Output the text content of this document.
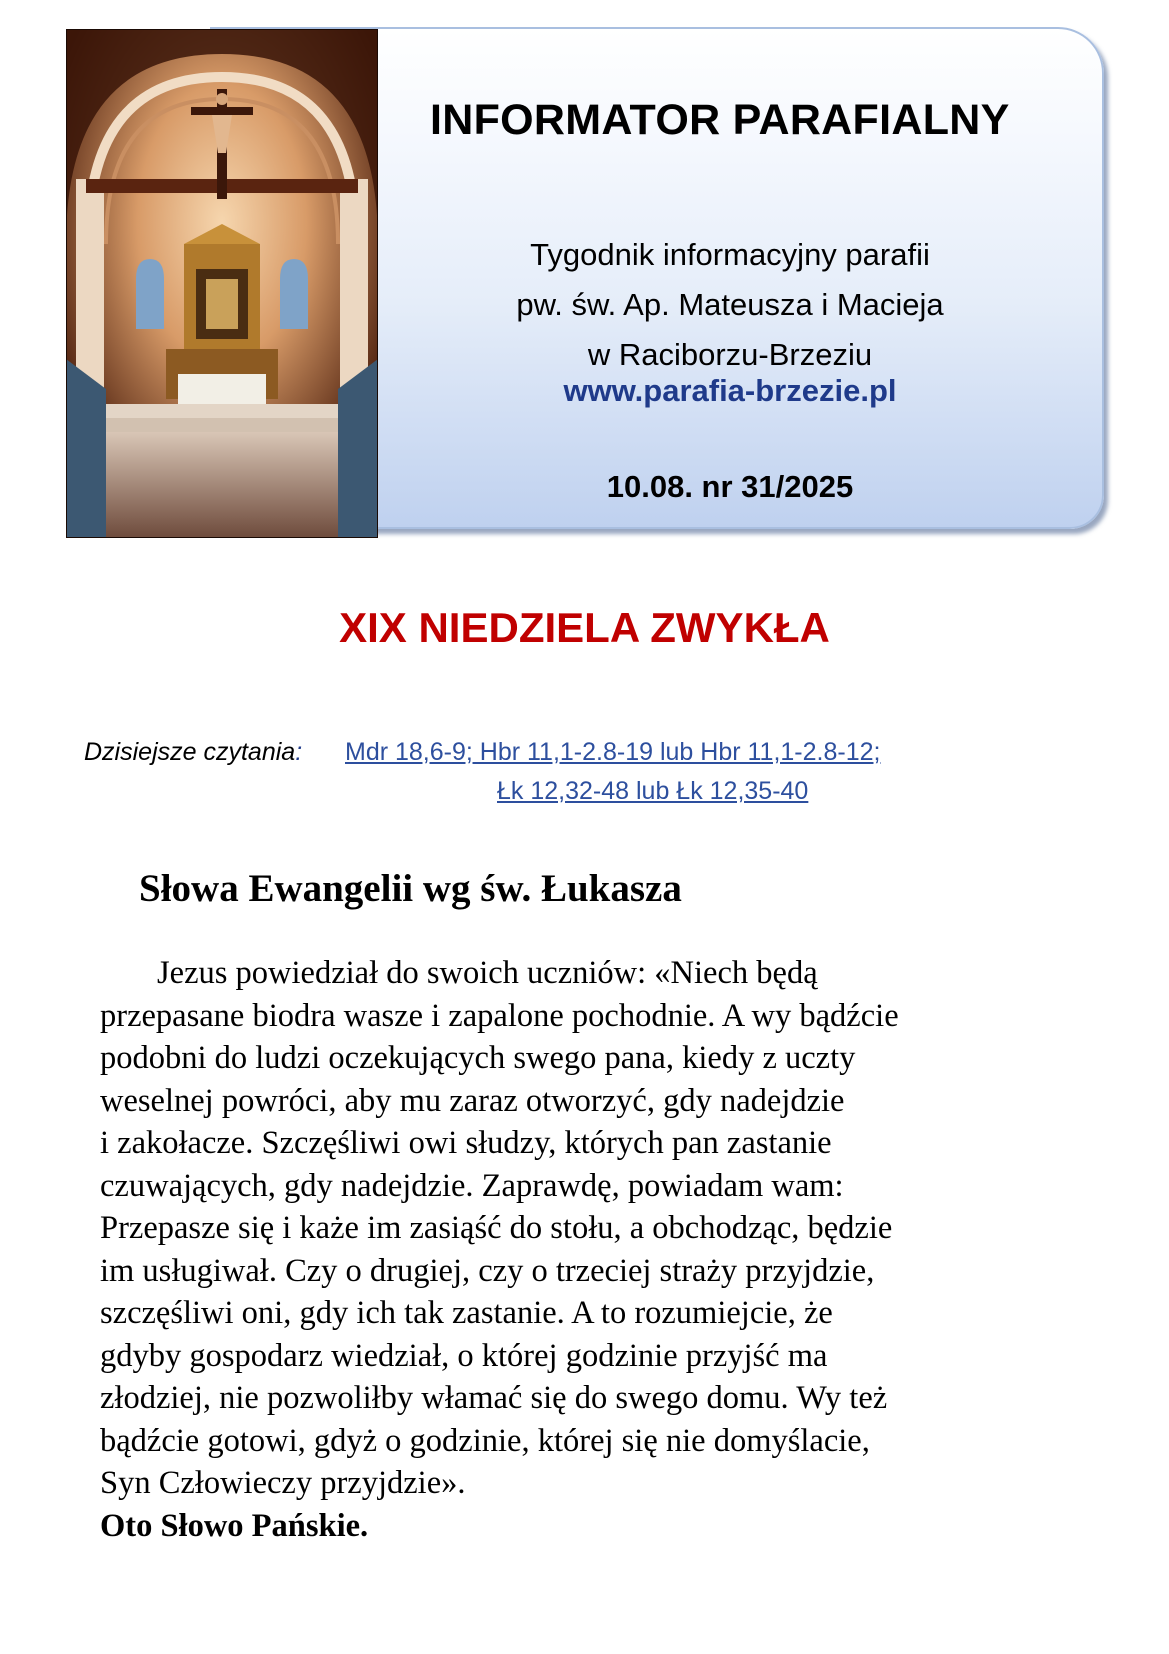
INFORMATOR PARAFIALNY
Tygodnik informacyjny parafii
pw. św. Ap. Mateusza i Macieja
w Raciborzu-Brzeziu
www.parafia-brzezie.pl
10.08. nr 31/2025
XIX NIEDZIELA ZWYKŁA
Dzisiejsze czytania: Mdr 18,6-9; Hbr 11,1-2.8-19 lub Hbr 11,1-2.8-12;
Łk 12,32-48 lub Łk 12,35-40
Słowa Ewangelii wg św. Łukasza
Jezus powiedział do swoich uczniów: «Niech będą
przepasane biodra wasze i zapalone pochodnie. A wy bądźcie
podobni do ludzi oczekujących swego pana, kiedy z uczty
weselnej powróci, aby mu zaraz otworzyć, gdy nadejdzie
i zakołacze. Szczęśliwi owi słudzy, których pan zastanie
czuwających, gdy nadejdzie. Zaprawdę, powiadam wam:
Przepasze się i każe im zasiąść do stołu, a obchodząc, będzie
im usługiwał. Czy o drugiej, czy o trzeciej straży przyjdzie,
szczęśliwi oni, gdy ich tak zastanie. A to rozumiejcie, że
gdyby gospodarz wiedział, o której godzinie przyjść ma
złodziej, nie pozwoliłby włamać się do swego domu. Wy też
bądźcie gotowi, gdyż o godzinie, której się nie domyślacie,
Syn Człowieczy przyjdzie».
Oto Słowo Pańskie.
